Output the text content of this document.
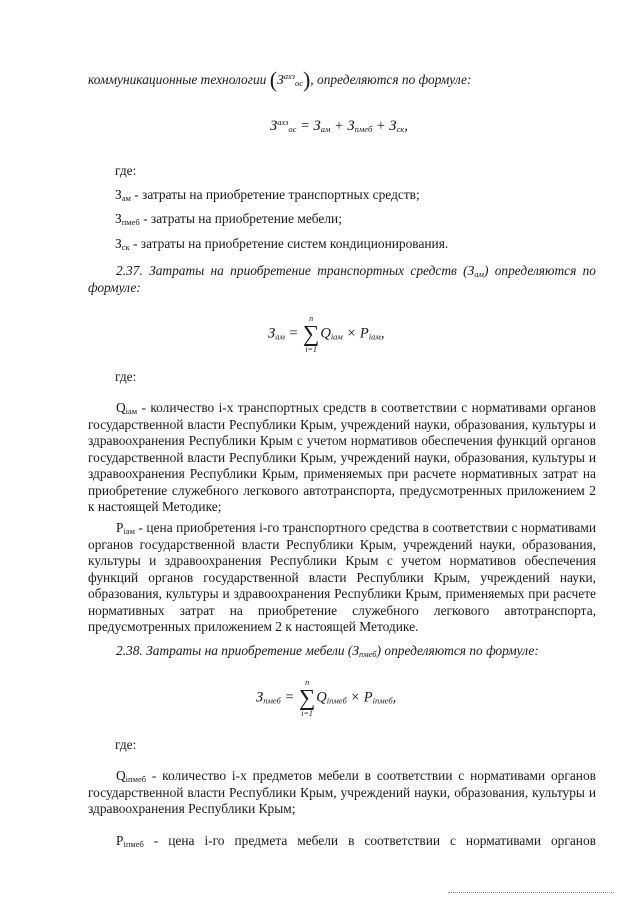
коммуникационные технологии $(З^{ахз}_{ос})$, определяются по формуле:

$З^{ахз}_{ос} = З_{ам} + З_{пмеб} + З_{ск}$,

где:

$З_{ам}$ - затраты на приобретение транспортных средств;

$З_{пмеб}$ - затраты на приобретение мебели;

$З_{ск}$ - затраты на приобретение систем кондиционирования.

2.37. Затраты на приобретение транспортных средств $(З_{ам})$ определяются по формуле:

$З_{ам}$ =
n
∑
i=1
$Q_{iам} \times P_{iам}$,

где:

$Q_{iам}$ - количество i-х транспортных средств в соответствии с нормативами органов государственной власти Республики Крым, учреждений науки, образования, культуры и здравоохранения Республики Крым с учетом нормативов обеспечения функций органов государственной власти Республики Крым, учреждений науки, образования, культуры и здравоохранения Республики Крым, применяемых при расчете нормативных затрат на приобретение служебного легкового автотранспорта, предусмотренных приложением 2 к настоящей Методике;

$P_{iам}$ - цена приобретения i-го транспортного средства в соответствии с нормативами органов государственной власти Республики Крым, учреждений науки, образования, культуры и здравоохранения Республики Крым с учетом нормативов обеспечения функций органов государственной власти Республики Крым, учреждений науки, образования, культуры и здравоохранения Республики Крым, применяемых при расчете нормативных затрат на приобретение служебного легкового автотранспорта, предусмотренных приложением 2 к настоящей Методике.

2.38. Затраты на приобретение мебели $(З_{пмеб})$ определяются по формуле:

$З_{пмеб}$ =
n
∑
i=1
$Q_{iпмеб} \times P_{iпмеб}$,

где:

$Q_{iпмеб}$ - количество i-х предметов мебели в соответствии с нормативами органов государственной власти Республики Крым, учреждений науки, образования, культуры и здравоохранения Республики Крым;

$P_{iпмеб}$ - цена i-го предмета мебели в соответствии с нормативами органов
